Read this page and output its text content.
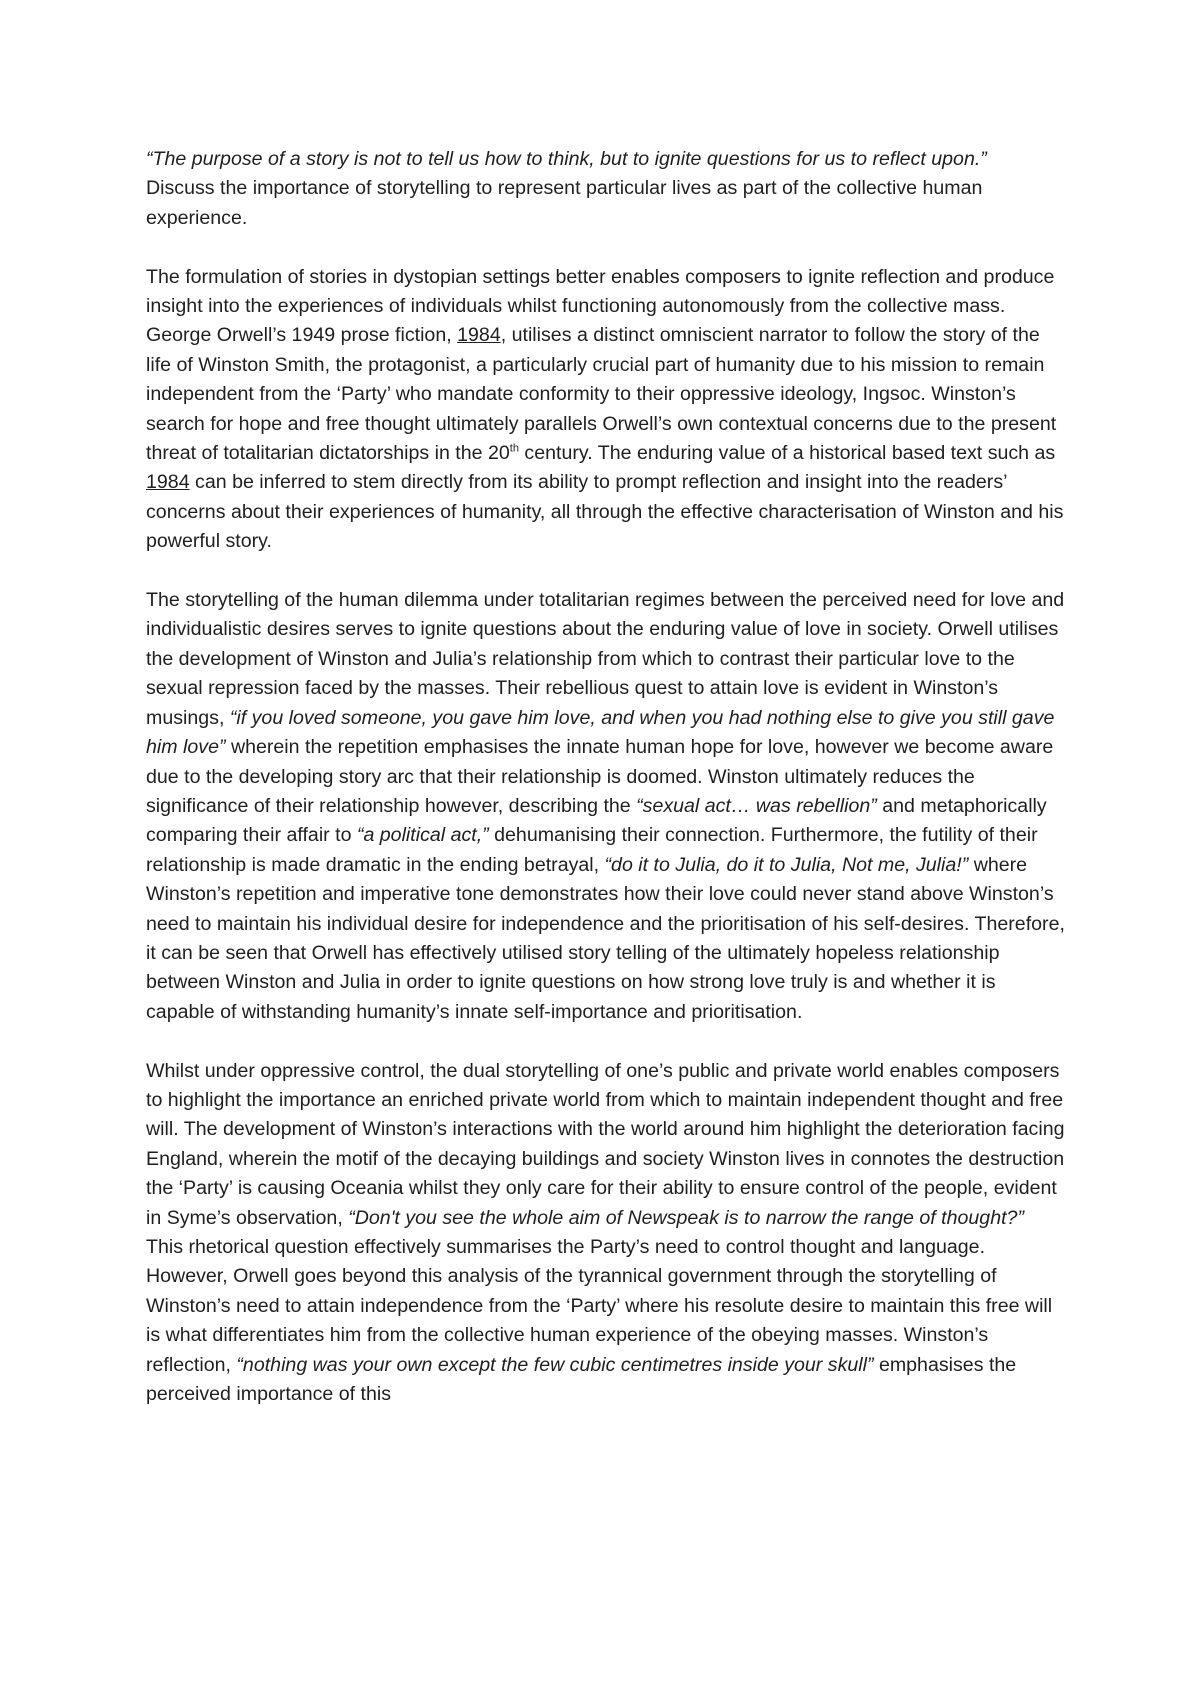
“The purpose of a story is not to tell us how to think, but to ignite questions for us to reflect upon.”

Discuss the importance of storytelling to represent particular lives as part of the collective human experience.

The formulation of stories in dystopian settings better enables composers to ignite reflection and produce insight into the experiences of individuals whilst functioning autonomously from the collective mass. George Orwell’s 1949 prose fiction, 1984, utilises a distinct omniscient narrator to follow the story of the life of Winston Smith, the protagonist, a particularly crucial part of humanity due to his mission to remain independent from the ‘Party’ who mandate conformity to their oppressive ideology, Ingsoc. Winston’s search for hope and free thought ultimately parallels Orwell’s own contextual concerns due to the present threat of totalitarian dictatorships in the 20th century. The enduring value of a historical based text such as 1984 can be inferred to stem directly from its ability to prompt reflection and insight into the readers’ concerns about their experiences of humanity, all through the effective characterisation of Winston and his powerful story.

The storytelling of the human dilemma under totalitarian regimes between the perceived need for love and individualistic desires serves to ignite questions about the enduring value of love in society. Orwell utilises the development of Winston and Julia’s relationship from which to contrast their particular love to the sexual repression faced by the masses. Their rebellious quest to attain love is evident in Winston’s musings, “if you loved someone, you gave him love, and when you had nothing else to give you still gave him love” wherein the repetition emphasises the innate human hope for love, however we become aware due to the developing story arc that their relationship is doomed. Winston ultimately reduces the significance of their relationship however, describing the “sexual act… was rebellion” and metaphorically comparing their affair to “a political act,” dehumanising their connection. Furthermore, the futility of their relationship is made dramatic in the ending betrayal, “do it to Julia, do it to Julia, Not me, Julia!” where Winston’s repetition and imperative tone demonstrates how their love could never stand above Winston’s need to maintain his individual desire for independence and the prioritisation of his self-desires. Therefore, it can be seen that Orwell has effectively utilised story telling of the ultimately hopeless relationship between Winston and Julia in order to ignite questions on how strong love truly is and whether it is capable of withstanding humanity’s innate self-importance and prioritisation.

Whilst under oppressive control, the dual storytelling of one’s public and private world enables composers to highlight the importance an enriched private world from which to maintain independent thought and free will. The development of Winston’s interactions with the world around him highlight the deterioration facing England, wherein the motif of the decaying buildings and society Winston lives in connotes the destruction the ‘Party’ is causing Oceania whilst they only care for their ability to ensure control of the people, evident in Syme’s observation, “Don't you see the whole aim of Newspeak is to narrow the range of thought?” This rhetorical question effectively summarises the Party’s need to control thought and language. However, Orwell goes beyond this analysis of the tyrannical government through the storytelling of Winston’s need to attain independence from the ‘Party’ where his resolute desire to maintain this free will is what differentiates him from the collective human experience of the obeying masses. Winston’s reflection, “nothing was your own except the few cubic centimetres inside your skull” emphasises the perceived importance of this
